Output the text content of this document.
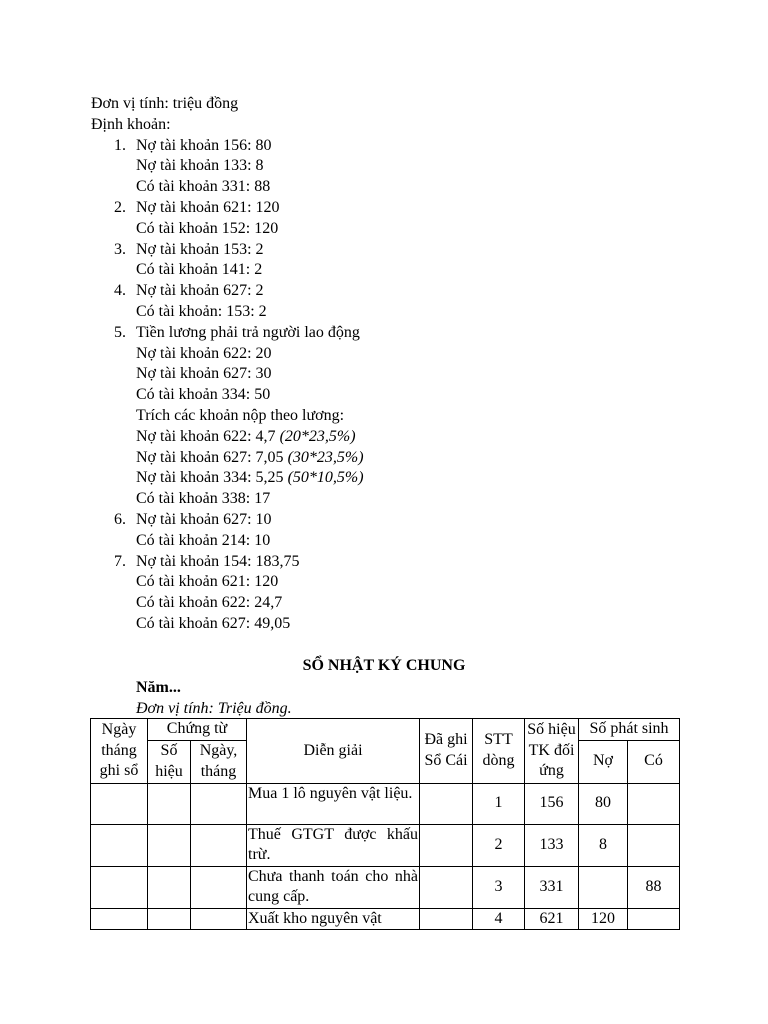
Đơn vị tính: triệu đồng
Định khoản:
1. Nợ tài khoản 156: 80
Nợ tài khoản 133: 8
Có tài khoản 331: 88
2. Nợ tài khoản 621: 120
Có tài khoản 152: 120
3. Nợ tài khoản 153: 2
Có tài khoản 141: 2
4. Nợ tài khoản 627: 2
Có tài khoản: 153: 2
5. Tiền lương phải trả người lao động
Nợ tài khoản 622: 20
Nợ tài khoản 627: 30
Có tài khoản 334: 50
Trích các khoản nộp theo lương:
Nợ tài khoản 622: 4,7 (20*23,5%)
Nợ tài khoản 627: 7,05 (30*23,5%)
Nợ tài khoản 334: 5,25 (50*10,5%)
Có tài khoản 338: 17
6. Nợ tài khoản 627: 10
Có tài khoản 214: 10
7. Nợ tài khoản 154: 183,75
Có tài khoản 621: 120
Có tài khoản 622: 24,7
Có tài khoản 627: 49,05
SỔ NHẬT KÝ CHUNG
Năm...
Đơn vị tính: Triệu đồng.
Ngày tháng ghi sổ	Chứng từ		Diễn giải	Đã ghi Sổ Cái	STT dòng	Số hiệu TK đối ứng	Số phát sinh	
	Số hiệu	Ngày, tháng					Nợ	Có
			Mua 1 lô nguyên vật liệu.		1	156	80	
			Thuế GTGT được khấu trừ.		2	133	8	
			Chưa thanh toán cho nhà cung cấp.		3	331		88
			Xuất kho nguyên vật		4	621	120	
